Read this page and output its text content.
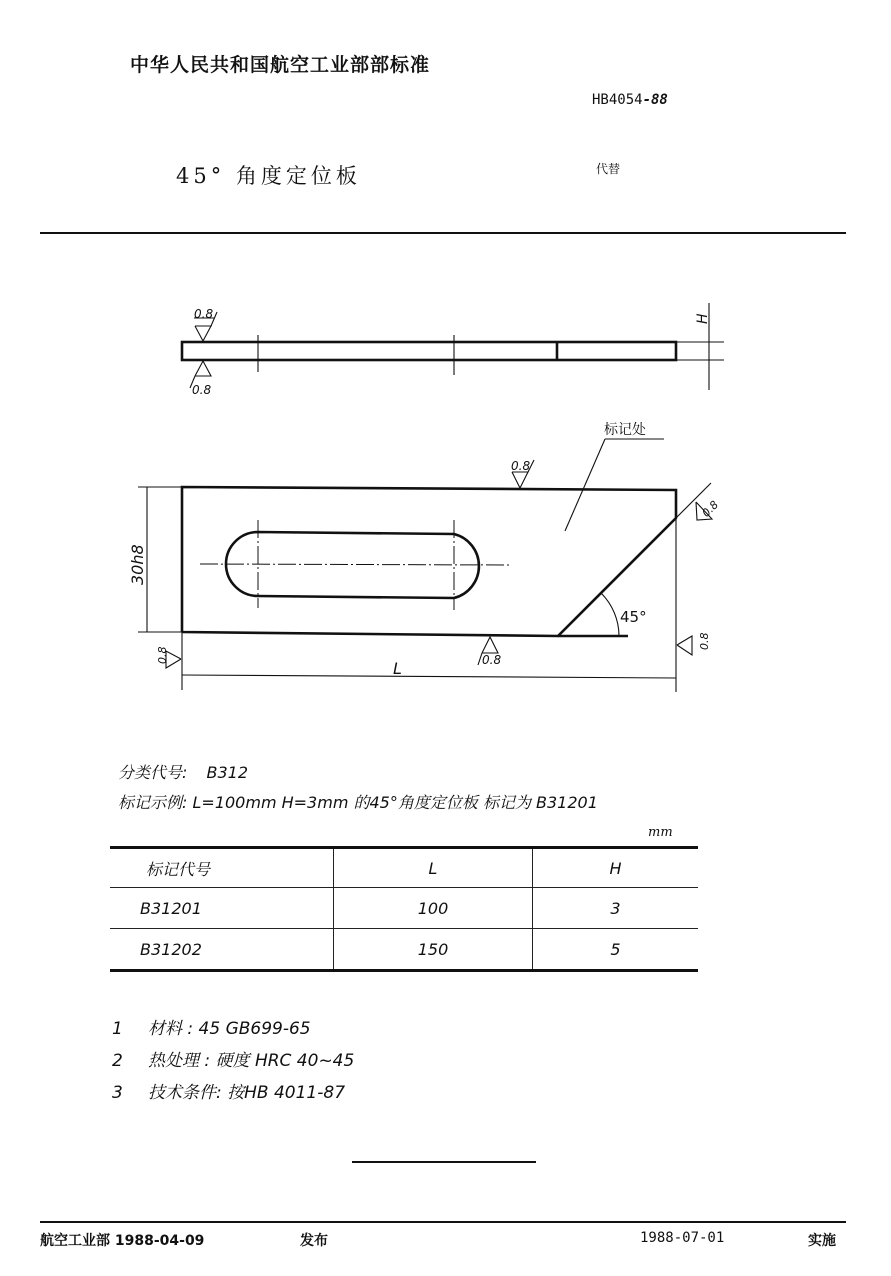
中华人民共和国航空工业部部标准
HB4054-88
45° 角度定位板	代替
H
0.8
0.8
45°
30h8
L
标记处
0.8
0.8
0.8
0.8
0.8
分类代号: B312
标记示例: L=100mm H=3mm 的45°角度定位板 标记为 B31201
mm
标记代号	L	H
B31201	100	3
B31202	150	5
1 材料 : 45 GB699-65
2 热处理 : 硬度 HRC 40~45
3 技术条件: 按HB 4011-87
航空工业部 1988-04-09	发布	1988-07-01	实施
